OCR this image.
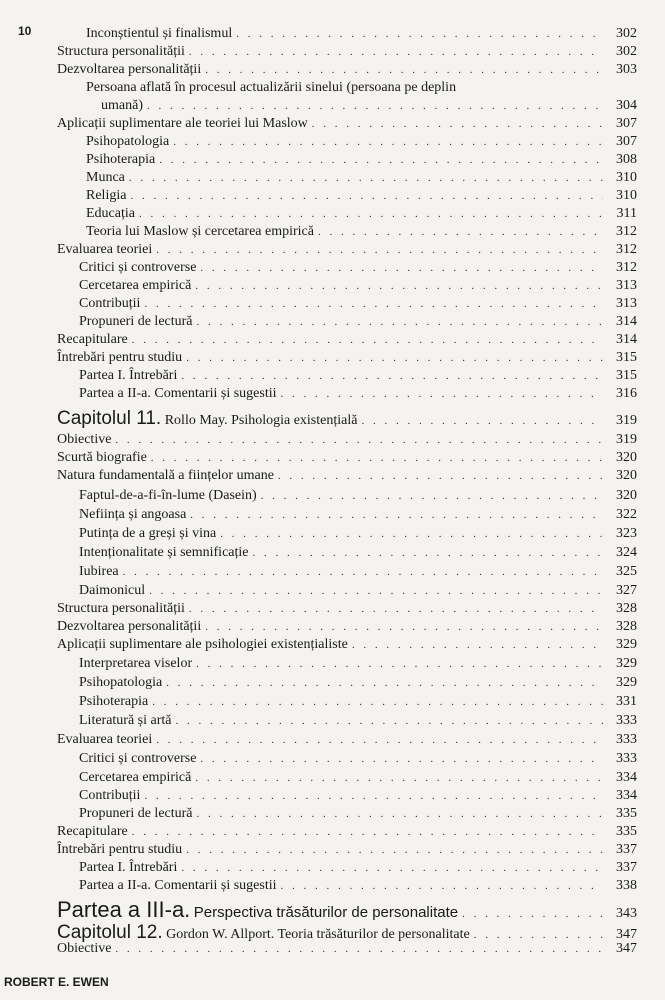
10	Inconștientul și finalismul . . .	302
Structura personalității . . .	302
Dezvoltarea personalității . . .	303
Persoana aflată în procesul actualizării sinelui (persoana pe deplin
umană) . . .	304
Aplicații suplimentare ale teoriei lui Maslow . . .	307
Psihopatologia . . .	307
Psihoterapia . . .	308
Munca . . .	310
Religia . . .	310
Educația . . .	311
Teoria lui Maslow și cercetarea empirică . . .	312
Evaluarea teoriei . . .	312
Critici și controverse . . .	312
Cercetarea empirică . . .	313
Contribuții . . .	313
Propuneri de lectură . . .	314
Recapitulare . . .	314
Întrebări pentru studiu . . .	315
Partea I. Întrebări . . .	315
Partea a II-a. Comentarii și sugestii . . .	316
Capitolul 11. Rollo May. Psihologia existențială . . .	319
Obiective . . .	319
Scurtă biografie . . .	320
Natura fundamentală a ființelor umane . . .	320
Faptul-de-a-fi-în-lume (Dasein) . . .	320
Neființa și angoasa . . .	322
Putința de a greși și vina . . .	323
Intenționalitate și semnificație . . .	324
Iubirea . . .	325
Daimonicul . . .	327
Structura personalității . . .	328
Dezvoltarea personalității . . .	328
Aplicații suplimentare ale psihologiei existențialiste . . .	329
Interpretarea viselor . . .	329
Psihopatologia . . .	329
Psihoterapia . . .	331
Literatură și artă . . .	333
Evaluarea teoriei . . .	333
Critici și controverse . . .	333
Cercetarea empirică . . .	334
Contribuții . . .	334
Propuneri de lectură . . .	335
Recapitulare . . .	335
Întrebări pentru studiu . . .	337
Partea I. Întrebări . . .	337
Partea a II-a. Comentarii și sugestii . . .	338
Partea a III-a. Perspectiva trăsăturilor de personalitate . . .	343
Capitolul 12. Gordon W. Allport. Teoria trăsăturilor de personalitate . . .	347
Obiective . . .	347
ROBERT E. EWEN
